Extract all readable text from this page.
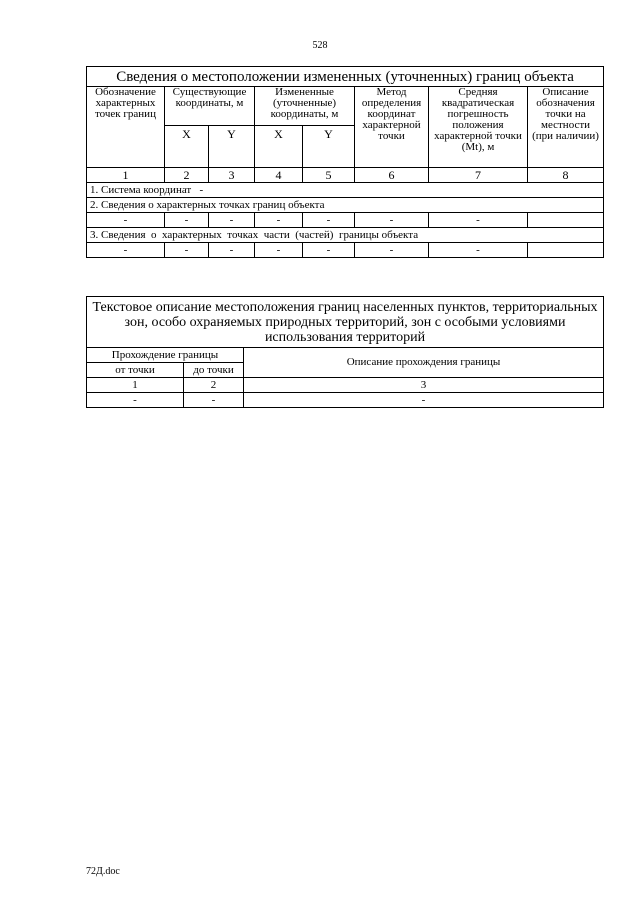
528
Сведения о местоположении измененных (уточненных) границ объекта							
Обозначение характерных точек границ	Существующие координаты, м		Измененные (уточненные) координаты, м		Метод определения координат характерной точки	Средняя квадратическая погрешность положения характерной точки (Mt), м	Описание обозначения точки на местности (при наличии)
	X	Y	X	Y			
1	2	3	4	5	6	7	8
1. Система координат   -							
2. Сведения о характерных точках границ объекта							
-	-	-	-	-	-	-	
3. Сведения  о  характерных  точках  части  (частей)  границы объекта							
-	-	-	-	-	-	-	
Текстовое описание местоположения границ населенных пунктов, территориальных зон, особо охраняемых природных территорий, зон с особыми условиями использования территорий		
Прохождение границы		Описание прохождения границы
от точки	до точки	
1	2	3
-	-	-
72Д.doc
